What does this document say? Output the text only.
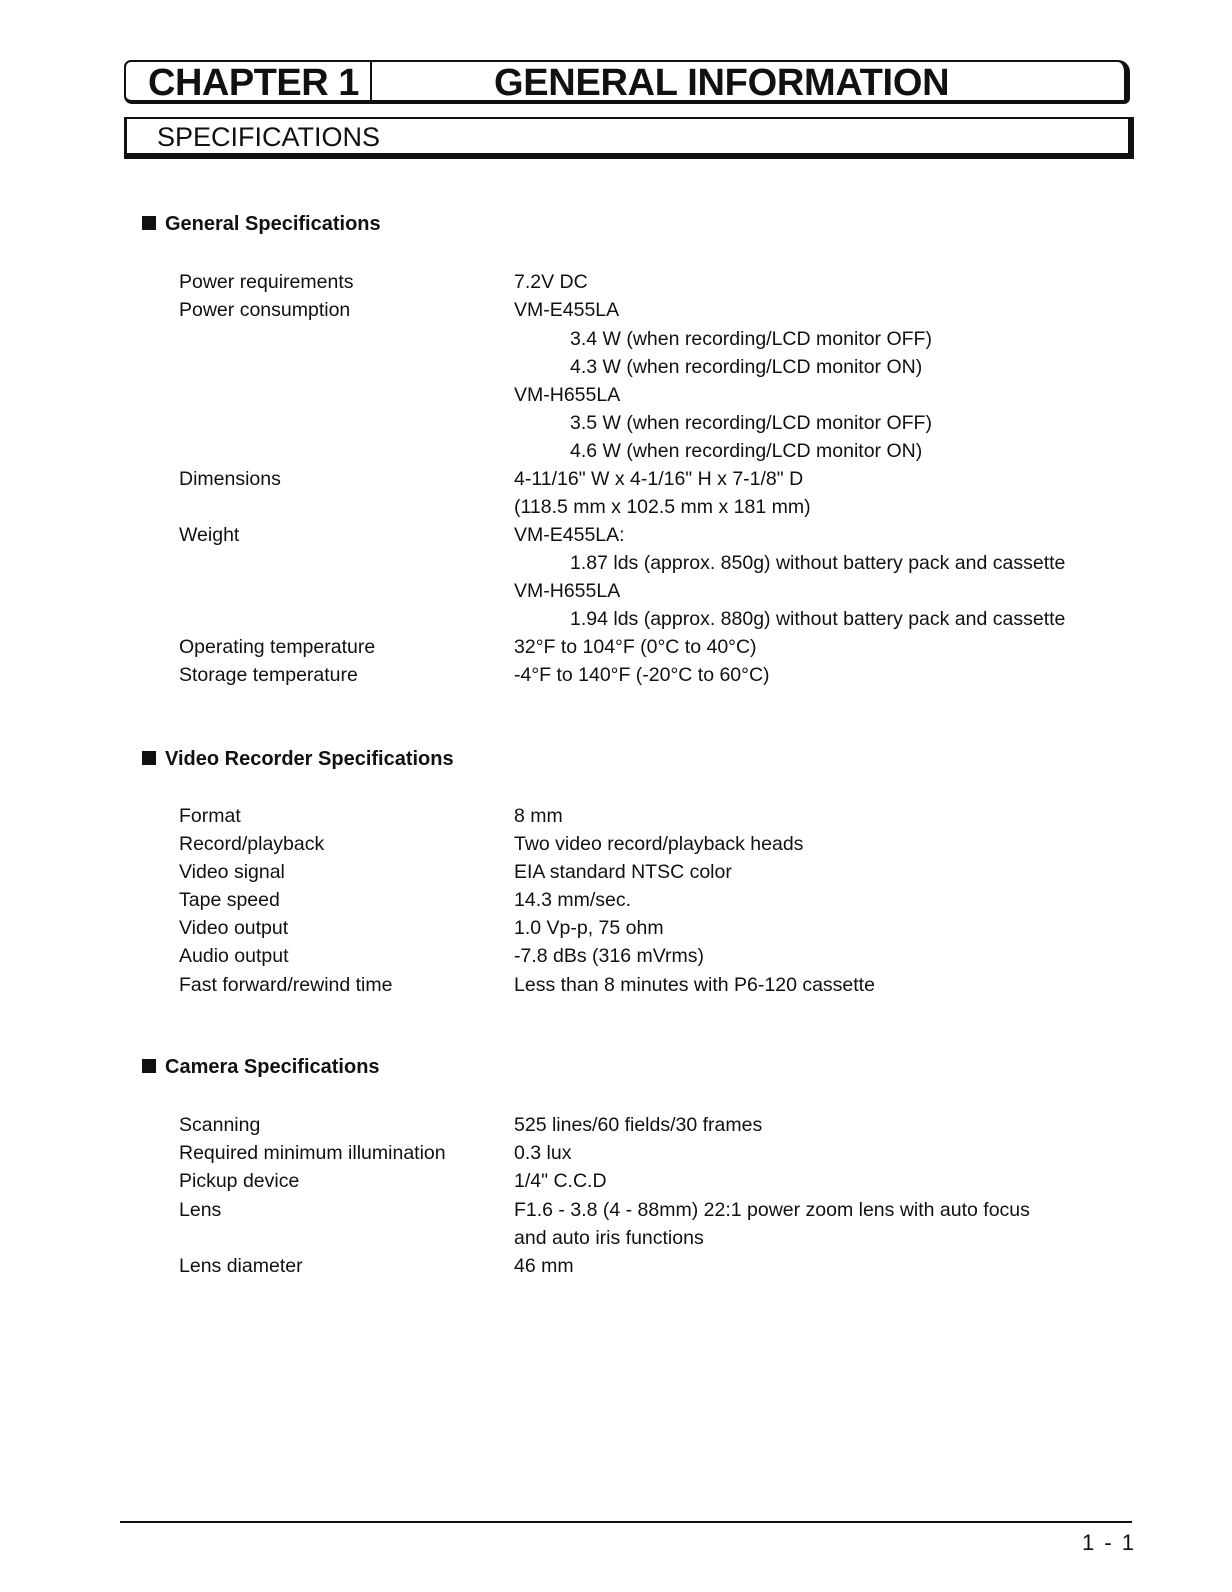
CHAPTER 1	GENERAL INFORMATION
SPECIFICATIONS
General Specifications
Power requirements	7.2V DC
Power consumption	VM-E455LA
3.4 W (when recording/LCD monitor OFF)
4.3 W (when recording/LCD monitor ON)
VM-H655LA
3.5 W (when recording/LCD monitor OFF)
4.6 W (when recording/LCD monitor ON)
Dimensions	4-11/16" W x 4-1/16" H x 7-1/8" D
(118.5 mm x 102.5 mm x 181 mm)
Weight	VM-E455LA:
1.87 lds (approx. 850g) without battery pack and cassette
VM-H655LA
1.94 lds (approx. 880g) without battery pack and cassette
Operating temperature	32°F to 104°F (0°C to 40°C)
Storage temperature	-4°F to 140°F (-20°C to 60°C)
Video Recorder Specifications
Format	8 mm
Record/playback	Two video record/playback heads
Video signal	EIA standard NTSC color
Tape speed	14.3 mm/sec.
Video output	1.0 Vp-p, 75 ohm
Audio output	-7.8 dBs (316 mVrms)
Fast forward/rewind time	Less than 8 minutes with P6-120 cassette
Camera Specifications
Scanning	525 lines/60 fields/30 frames
Required minimum illumination	0.3 lux
Pickup device	1/4" C.C.D
Lens	F1.6 - 3.8 (4 - 88mm) 22:1 power zoom lens with auto focus
and auto iris functions
Lens diameter	46 mm
1 - 1
